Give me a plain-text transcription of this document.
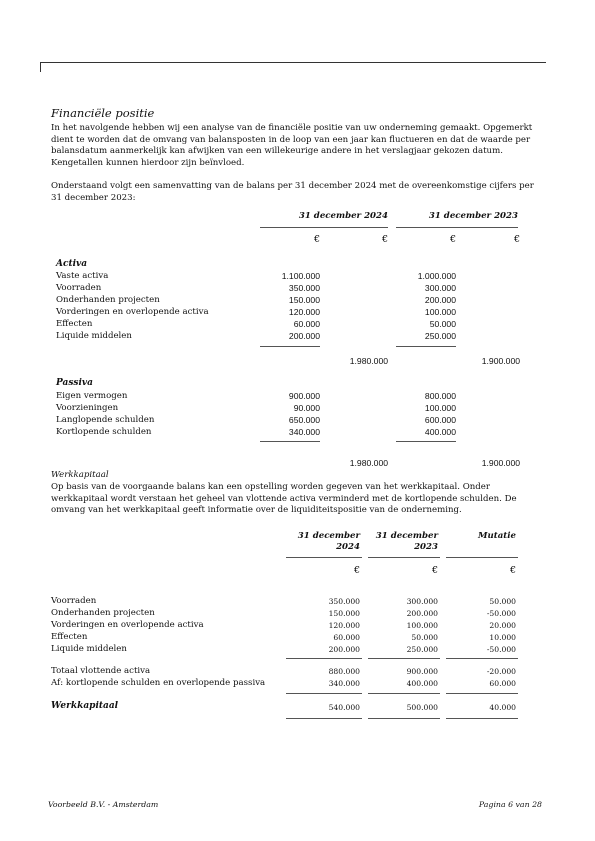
Financiële positie
In het navolgende hebben wij een analyse van de financiële positie van uw onderneming gemaakt. Opgemerkt
dient te worden dat de omvang van balansposten in de loop van een jaar kan fluctueren en dat de waarde per
balansdatum aanmerkelijk kan afwijken van een willekeurige andere in het verslagjaar gekozen datum.
Kengetallen kunnen hierdoor zijn beïnvloed.
Onderstaand volgt een samenvatting van de balans per 31 december 2024 met de overeenkomstige cijfers per
31 december 2023:
31 december 2024	31 december 2023
€	€	€	€
Activa
Vaste activa	1.100.000	1.000.000
Voorraden	350.000	300.000
Onderhanden projecten	150.000	200.000
Vorderingen en overlopende activa	120.000	100.000
Effecten	60.000	50.000
Liquide middelen	200.000	250.000
1.980.000	1.900.000
Passiva
Eigen vermogen	900.000	800.000
Voorzieningen	90.000	100.000
Langlopende schulden	650.000	600.000
Kortlopende schulden	340.000	400.000
1.980.000	1.900.000
Werkkapitaal
Op basis van de voorgaande balans kan een opstelling worden gegeven van het werkkapitaal. Onder
werkkapitaal wordt verstaan het geheel van vlottende activa verminderd met de kortlopende schulden. De
omvang van het werkkapitaal geeft informatie over de liquiditeitspositie van de onderneming.
31 december
2024
31 december
2023
Mutatie
€	€	€
Voorraden	350.000	300.000	50.000
Onderhanden projecten	150.000	200.000	-50.000
Vorderingen en overlopende activa	120.000	100.000	20.000
Effecten	60.000	50.000	10.000
Liquide middelen	200.000	250.000	-50.000
Totaal vlottende activa	880.000	900.000	-20.000
Af: kortlopende schulden en overlopende passiva	340.000	400.000	60.000
Werkkapitaal	540.000	500.000	40.000
Voorbeeld B.V. - Amsterdam	Pagina 6 van 28
